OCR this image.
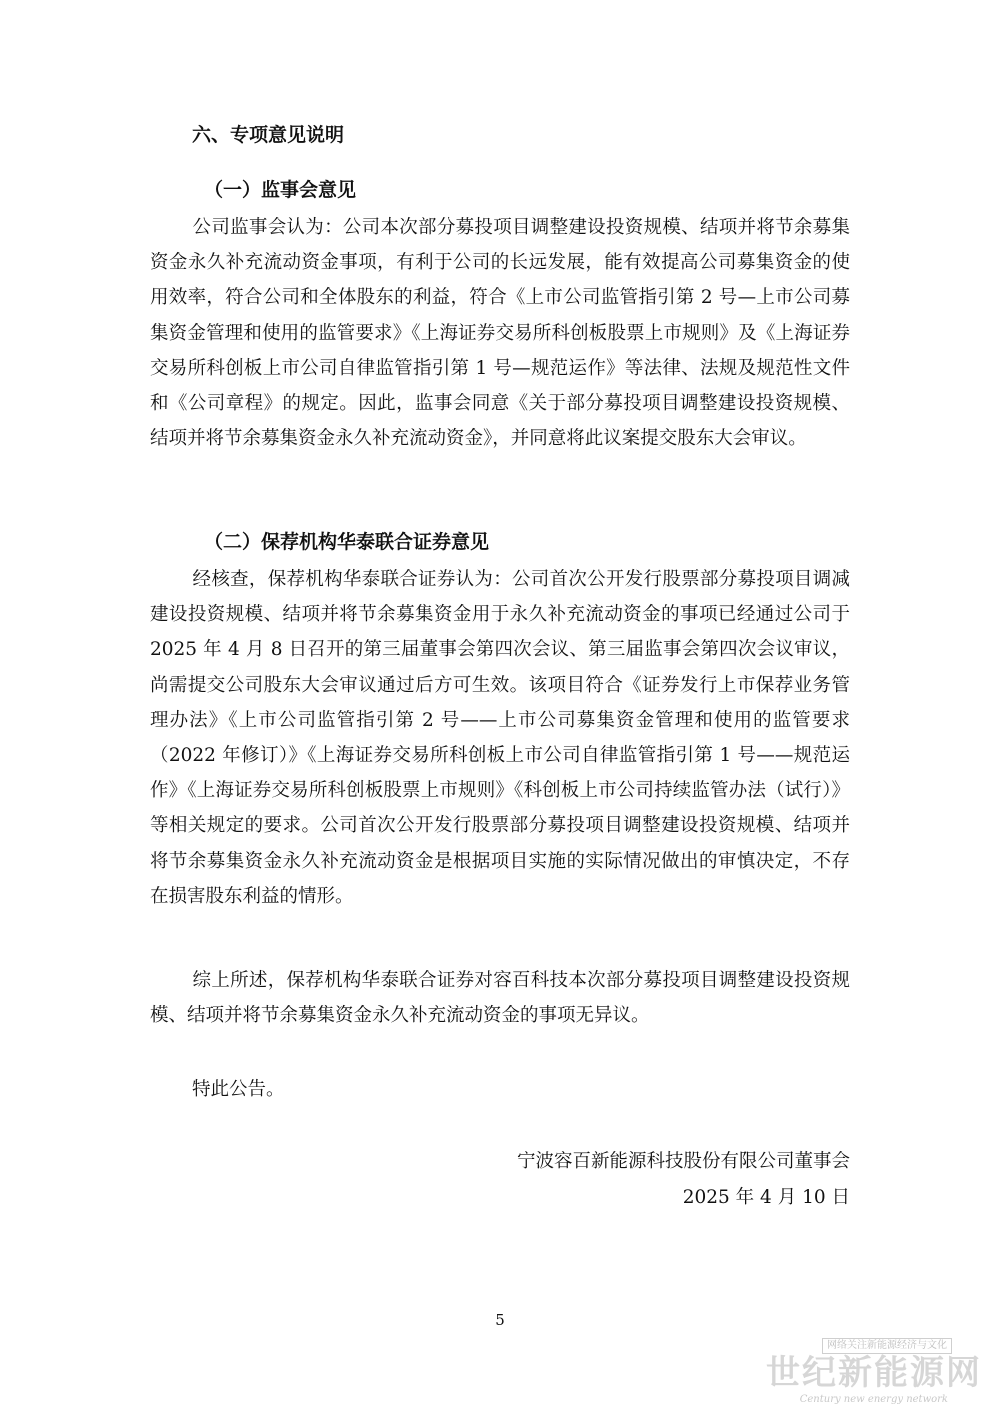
六、专项意见说明
（一）监事会意见
公司监事会认为：公司本次部分募投项目调整建设投资规模、结项并将节余募集资金永久补充流动资金事项，有利于公司的长远发展，能有效提高公司募集资金的使用效率，符合公司和全体股东的利益，符合《上市公司监管指引第 2 号—上市公司募集资金管理和使用的监管要求》《上海证券交易所科创板股票上市规则》及《上海证券交易所科创板上市公司自律监管指引第 1 号—规范运作》等法律、法规及规范性文件和《公司章程》的规定。因此，监事会同意《关于部分募投项目调整建设投资规模、结项并将节余募集资金永久补充流动资金》，并同意将此议案提交股东大会审议。
（二）保荐机构华泰联合证券意见
经核查，保荐机构华泰联合证券认为：公司首次公开发行股票部分募投项目调减建设投资规模、结项并将节余募集资金用于永久补充流动资金的事项已经通过公司于 2025 年 4 月 8 日召开的第三届董事会第四次会议、第三届监事会第四次会议审议，尚需提交公司股东大会审议通过后方可生效。该项目符合《证券发行上市保荐业务管理办法》《上市公司监管指引第 2 号——上市公司募集资金管理和使用的监管要求（2022 年修订）》《上海证券交易所科创板上市公司自律监管指引第 1 号——规范运作》《上海证券交易所科创板股票上市规则》《科创板上市公司持续监管办法（试行）》等相关规定的要求。公司首次公开发行股票部分募投项目调整建设投资规模、结项并将节余募集资金永久补充流动资金是根据项目实施的实际情况做出的审慎决定，不存在损害股东利益的情形。
综上所述，保荐机构华泰联合证券对容百科技本次部分募投项目调整建设投资规模、结项并将节余募集资金永久补充流动资金的事项无异议。
特此公告。
宁波容百新能源科技股份有限公司董事会
2025 年 4 月 10 日
5
网络关注新能源经济与文化
世纪新能源网
Century new energy network
